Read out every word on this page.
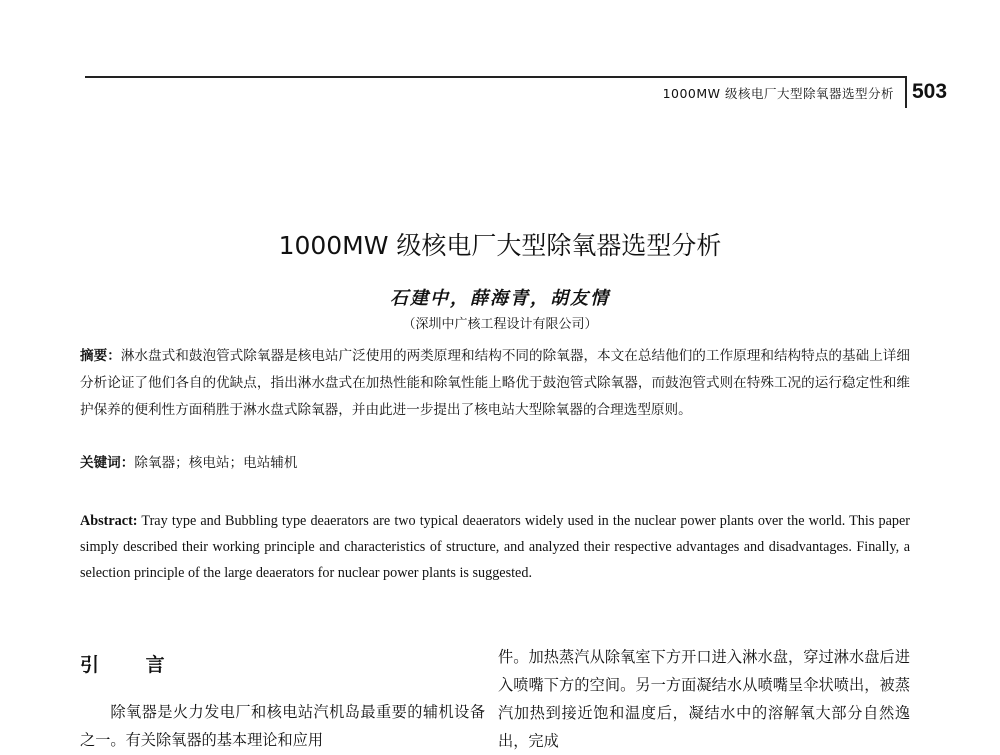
1000MW 级核电厂大型除氧器选型分析 503
1000MW 级核电厂大型除氧器选型分析
石建中，薛海青，胡友情
（深圳中广核工程设计有限公司）
摘要：淋水盘式和鼓泡管式除氧器是核电站广泛使用的两类原理和结构不同的除氧器，本文在总结他们的工作原理和结构特点的基础上详细分析论证了他们各自的优缺点，指出淋水盘式在加热性能和除氧性能上略优于鼓泡管式除氧器，而鼓泡管式则在特殊工况的运行稳定性和维护保养的便利性方面稍胜于淋水盘式除氧器，并由此进一步提出了核电站大型除氧器的合理选型原则。
关键词：除氧器；核电站；电站辅机
Abstract: Tray type and Bubbling type deaerators are two typical deaerators widely used in the nuclear power plants over the world. This paper simply described their working principle and characteristics of structure, and analyzed their respective advantages and disadvantages. Finally, a selection principle of the large deaerators for nuclear power plants is suggested.
引 言
除氧器是火力发电厂和核电站汽机岛最重要的辅机设备之一。有关除氧器的基本理论和应用
件。加热蒸汽从除氧室下方开口进入淋水盘，穿过淋水盘后进入喷嘴下方的空间。另一方面凝结水从喷嘴呈伞状喷出，被蒸汽加热到接近饱和温度后，凝结水中的溶解氧大部分自然逸出，完成
